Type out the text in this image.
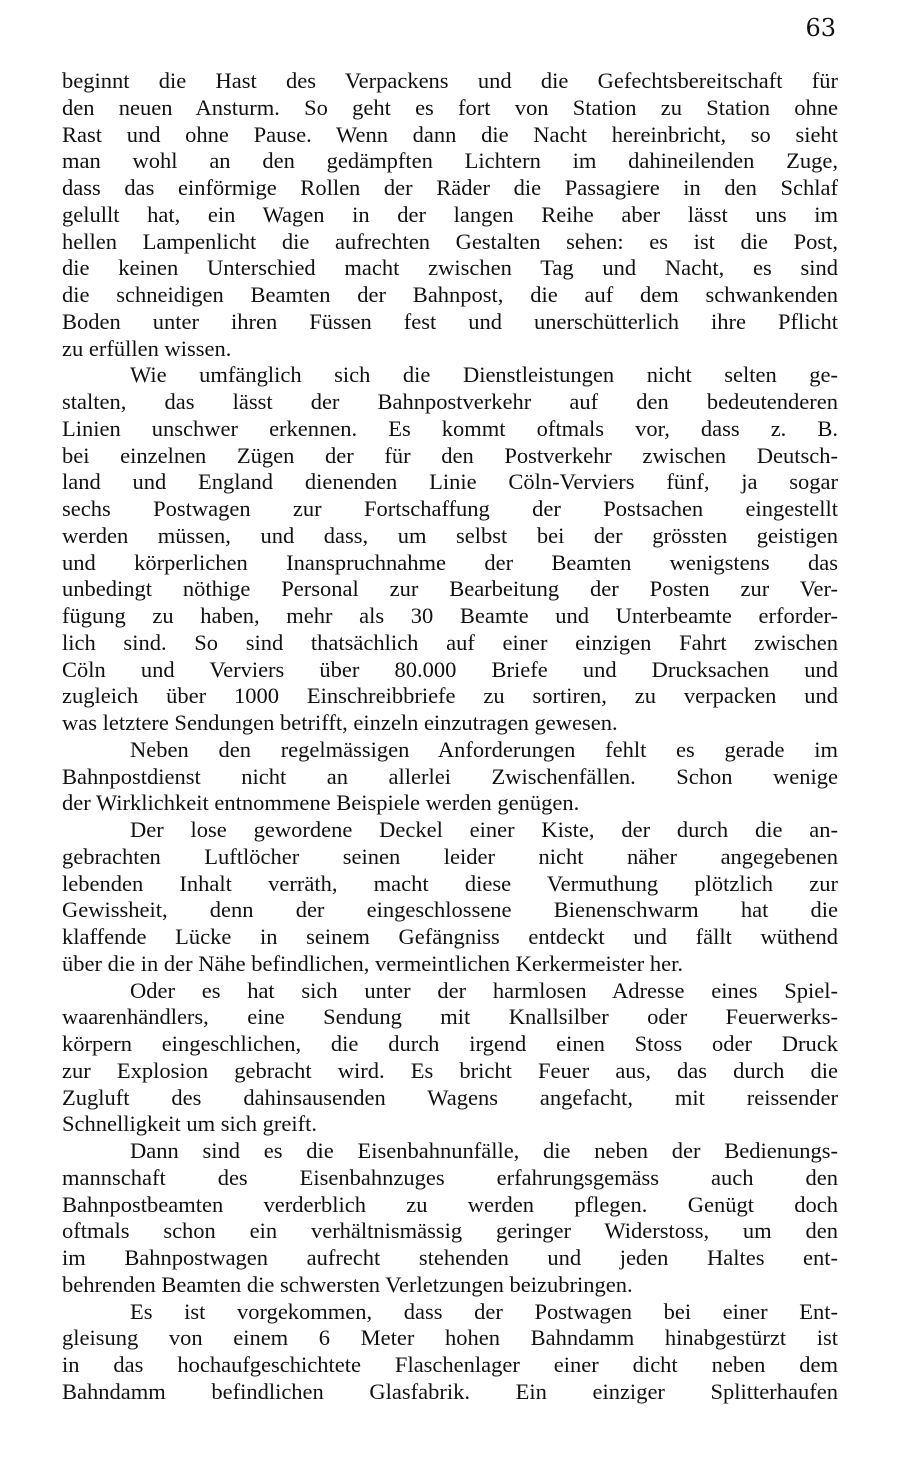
63
beginnt die Hast des Verpackens und die Gefechtsbereitschaft für
den neuen Ansturm. So geht es fort von Station zu Station ohne
Rast und ohne Pause. Wenn dann die Nacht hereinbricht, so sieht
man wohl an den gedämpften Lichtern im dahineilenden Zuge,
dass das einförmige Rollen der Räder die Passagiere in den Schlaf
gelullt hat, ein Wagen in der langen Reihe aber lässt uns im
hellen Lampenlicht die aufrechten Gestalten sehen: es ist die Post,
die keinen Unterschied macht zwischen Tag und Nacht, es sind
die schneidigen Beamten der Bahnpost, die auf dem schwankenden
Boden unter ihren Füssen fest und unerschütterlich ihre Pflicht
zu erfüllen wissen.
Wie umfänglich sich die Dienstleistungen nicht selten ge-
stalten, das lässt der Bahnpostverkehr auf den bedeutenderen
Linien unschwer erkennen. Es kommt oftmals vor, dass z. B.
bei einzelnen Zügen der für den Postverkehr zwischen Deutsch-
land und England dienenden Linie Cöln-Verviers fünf, ja sogar
sechs Postwagen zur Fortschaffung der Postsachen eingestellt
werden müssen, und dass, um selbst bei der grössten geistigen
und körperlichen Inanspruchnahme der Beamten wenigstens das
unbedingt nöthige Personal zur Bearbeitung der Posten zur Ver-
fügung zu haben, mehr als 30 Beamte und Unterbeamte erforder-
lich sind. So sind thatsächlich auf einer einzigen Fahrt zwischen
Cöln und Verviers über 80.000 Briefe und Drucksachen und
zugleich über 1000 Einschreibbriefe zu sortiren, zu verpacken und
was letztere Sendungen betrifft, einzeln einzutragen gewesen.
Neben den regelmässigen Anforderungen fehlt es gerade im
Bahnpostdienst nicht an allerlei Zwischenfällen. Schon wenige
der Wirklichkeit entnommene Beispiele werden genügen.
Der lose gewordene Deckel einer Kiste, der durch die an-
gebrachten Luftlöcher seinen leider nicht näher angegebenen
lebenden Inhalt verräth, macht diese Vermuthung plötzlich zur
Gewissheit, denn der eingeschlossene Bienenschwarm hat die
klaffende Lücke in seinem Gefängniss entdeckt und fällt wüthend
über die in der Nähe befindlichen, vermeintlichen Kerkermeister her.
Oder es hat sich unter der harmlosen Adresse eines Spiel-
waarenhändlers, eine Sendung mit Knallsilber oder Feuerwerks-
körpern eingeschlichen, die durch irgend einen Stoss oder Druck
zur Explosion gebracht wird. Es bricht Feuer aus, das durch die
Zugluft des dahinsausenden Wagens angefacht, mit reissender
Schnelligkeit um sich greift.
Dann sind es die Eisenbahnunfälle, die neben der Bedienungs-
mannschaft des Eisenbahnzuges erfahrungsgemäss auch den
Bahnpostbeamten verderblich zu werden pflegen. Genügt doch
oftmals schon ein verhältnismässig geringer Widerstoss, um den
im Bahnpostwagen aufrecht stehenden und jeden Haltes ent-
behrenden Beamten die schwersten Verletzungen beizubringen.
Es ist vorgekommen, dass der Postwagen bei einer Ent-
gleisung von einem 6 Meter hohen Bahndamm hinabgestürzt ist
in das hochaufgeschichtete Flaschenlager einer dicht neben dem
Bahndamm befindlichen Glasfabrik. Ein einziger Splitterhaufen
